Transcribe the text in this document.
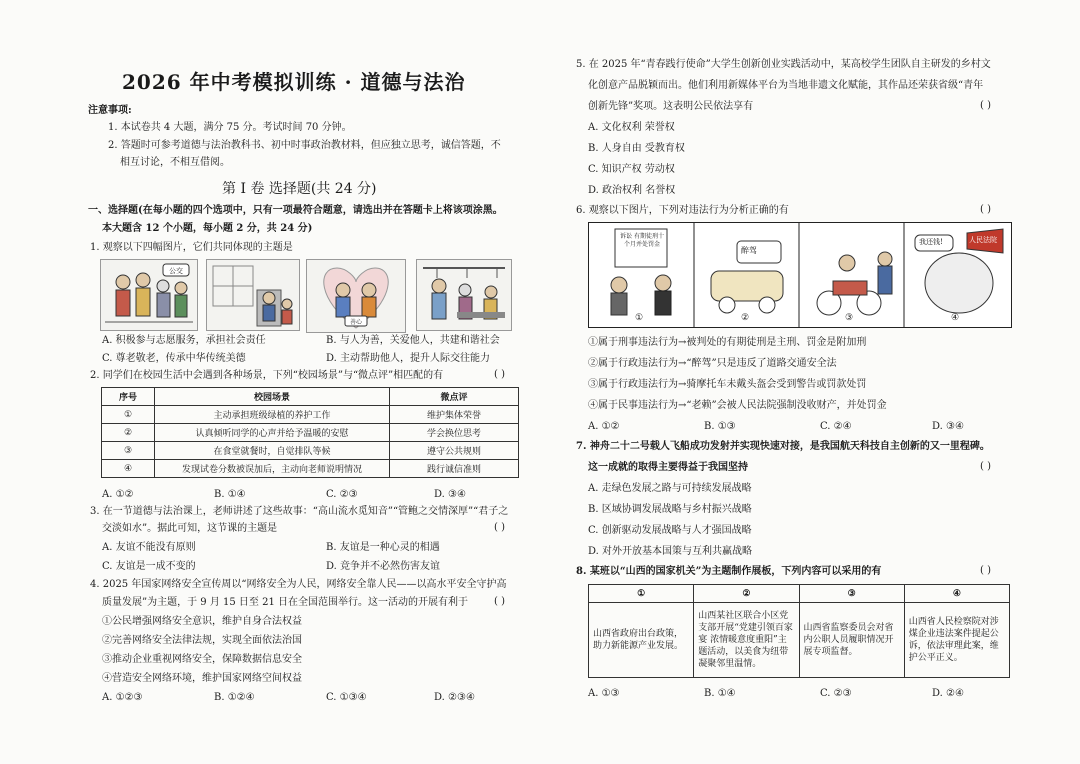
2026 年中考模拟训练 · 道德与法治
注意事项:
1. 本试卷共 4 大题，满分 75 分。考试时间 70 分钟。
2. 答题时可参考道德与法治教科书、初中时事政治教材料，但应独立思考，诚信答题，不
相互讨论，不相互借阅。
第 Ⅰ 卷 选择题(共 24 分)
一、选择题(在每小题的四个选项中，只有一项最符合题意，请选出并在答题卡上将该项涂黑。
本大题含 12 个小题，每小题 2 分，共 24 分)
1. 观察以下四幅图片，它们共同体现的主题是
公交
善心
A. 积极参与志愿服务，承担社会责任	B. 与人为善，关爱他人，共建和谐社会
C. 尊老敬老，传承中华传统美德	D. 主动帮助他人，提升人际交往能力
2. 同学们在校园生活中会遇到各种场景，下列“校园场景”与“微点评”相匹配的有	( )
序号	校园场景	微点评
①	主动承担班级绿植的养护工作	维护集体荣誉
②	认真倾听同学的心声并给予温暖的安慰	学会换位思考
③	在食堂就餐时，自觉排队等候	遵守公共规则
④	发现试卷分数被误加后，主动向老师说明情况	践行诚信准则
A. ①②	B. ①④	C. ②③	D. ③④
3. 在一节道德与法治课上，老师讲述了这些故事：“高山流水觅知音”“管鲍之交情深厚”“君子之
交淡如水”。据此可知，这节课的主题是	( )
A. 友谊不能没有原则	B. 友谊是一种心灵的相遇
C. 友谊是一成不变的	D. 竞争并不必然伤害友谊
4. 2025 年国家网络安全宣传周以“网络安全为人民，网络安全靠人民——以高水平安全守护高
质量发展”为主题，于 9 月 15 日至 21 日在全国范围举行。这一活动的开展有利于	( )
①公民增强网络安全意识，维护自身合法权益
②完善网络安全法律法规，实现全面依法治国
③推动企业重视网络安全，保障数据信息安全
④营造安全网络环境，维护国家网络空间权益
A. ①②③	B. ①②④	C. ①③④	D. ②③④
5. 在 2025 年“青春践行使命”大学生创新创业实践活动中，某高校学生团队自主研发的乡村文
化创意产品脱颖而出。他们利用新媒体平台为当地非遗文化赋能，其作品还荣获省级“青年
创新先锋”奖项。这表明公民依法享有	( )
A. 文化权利 荣誉权
B. 人身自由 受教育权
C. 知识产权 劳动权
D. 政治权利 名誉权
6. 观察以下图片，下列对违法行为分析正确的有	( )
诉讼 有期徒刑十个月并处罚金
醉驾
我还钱!	人民法院
①	②	③	④
①属于刑事违法行为→被判处的有期徒刑是主刑、罚金是附加刑
②属于行政违法行为→“醉驾”只是违反了道路交通安全法
③属于行政违法行为→骑摩托车未戴头盔会受到警告或罚款处罚
④属于民事违法行为→“老赖”会被人民法院强制没收财产，并处罚金
A. ①②	B. ①③	C. ②④	D. ③④
7. 神舟二十二号载人飞船成功发射并实现快速对接，是我国航天科技自主创新的又一里程碑。
这一成就的取得主要得益于我国坚持	( )
A. 走绿色发展之路与可持续发展战略
B. 区域协调发展战略与乡村振兴战略
C. 创新驱动发展战略与人才强国战略
D. 对外开放基本国策与互利共赢战略
8. 某班以“山西的国家机关”为主题制作展板，下列内容可以采用的有	( )
①	②	③	④
山西省政府出台政策，助力新能源产业发展。	山西某社区联合小区党支部开展“党建引领百家宴 浓情暖意度重阳”主题活动，以美食为纽带凝聚邻里温情。	山西省监察委员会对省内公职人员履职情况开展专项监督。	山西省人民检察院对涉煤企业违法案件提起公诉，依法审理此案，维护公平正义。
A. ①③	B. ①④	C. ②③	D. ②④
